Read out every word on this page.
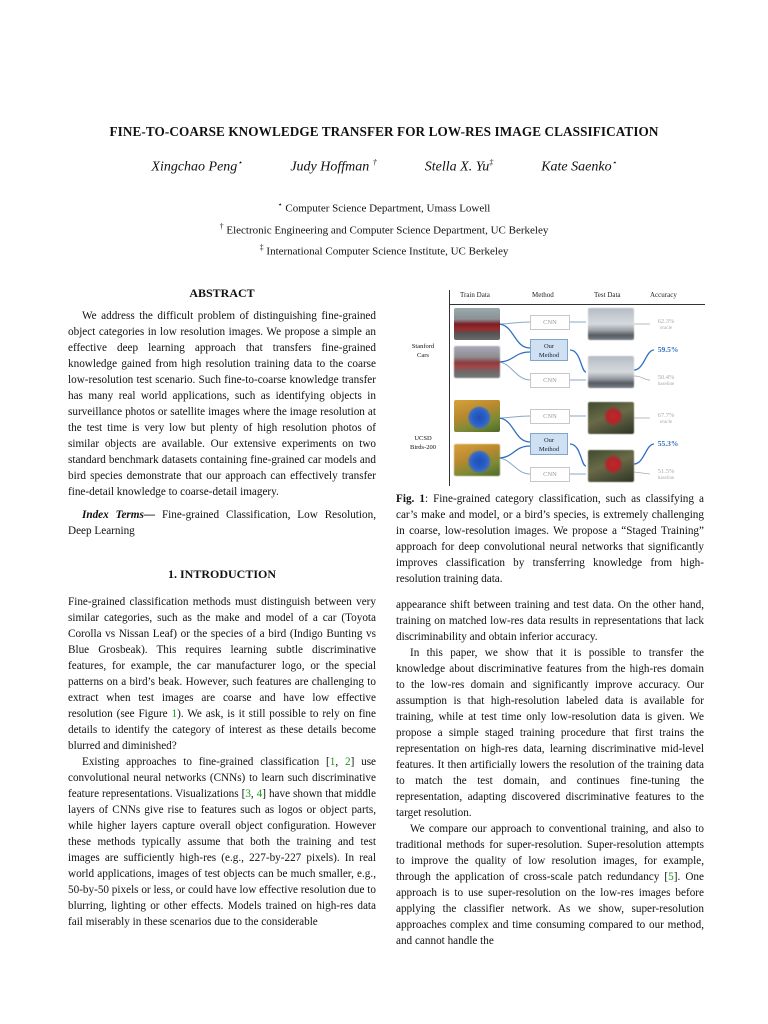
FINE-TO-COARSE KNOWLEDGE TRANSFER FOR LOW-RES IMAGE CLASSIFICATION
Xingchao Peng⋆	Judy Hoffman †	Stella X. Yu‡	Kate Saenko⋆
⋆ Computer Science Department, Umass Lowell
† Electronic Engineering and Computer Science Department, UC Berkeley
‡ International Computer Science Institute, UC Berkeley
ABSTRACT

We address the difficult problem of distinguishing fine-grained object categories in low resolution images. We propose a simple an effective deep learning approach that transfers fine-grained knowledge gained from high resolution training data to the coarse low-resolution test scenario. Such fine-to-coarse knowledge transfer has many real world applications, such as identifying objects in surveillance photos or satellite images where the image resolution at the test time is very low but plenty of high resolution photos of similar objects are available. Our extensive experiments on two standard benchmark datasets containing fine-grained car models and bird species demonstrate that our approach can effectively transfer fine-detail knowledge to coarse-detail imagery.

Index Terms— Fine-grained Classification, Low Resolution, Deep Learning

1. INTRODUCTION

Fine-grained classification methods must distinguish between very similar categories, such as the make and model of a car (Toyota Corolla vs Nissan Leaf) or the species of a bird (Indigo Bunting vs Blue Grosbeak). This requires learning subtle discriminative features, for example, the car manufacturer logo, or the special patterns on a bird’s beak. However, such features are challenging to extract when test images are coarse and have low effective resolution (see Figure 1). We ask, is it still possible to rely on fine details to identify the category of interest as these details become blurred and diminished?

Existing approaches to fine-grained classification [1, 2] use convolutional neural networks (CNNs) to learn such discriminative feature representations. Visualizations [3, 4] have shown that middle layers of CNNs give rise to features such as logos or object parts, while higher layers capture overall object configuration. However these methods typically assume that both the training and test images are sufficiently high-res (e.g., 227-by-227 pixels). In real world applications, images of test objects can be much smaller, e.g., 50-by-50 pixels or less, or could have low effective resolution due to blurring, lighting or other effects. Models trained on high-res data fail miserably in these scenarios due to the considerable

Train Data	Method	Test Data	Accuracy
Stanford
Cars
CNN
Our
Method
CNN
62.3%
oracle
59.5%
50.4%
baseline
UCSD
Birds-200
CNN
Our
Method
CNN
67.7%
oracle
55.3%
51.5%
baseline

Fig. 1: Fine-grained category classification, such as classifying a car’s make and model, or a bird’s species, is extremely challenging in coarse, low-resolution images. We propose a “Staged Training” approach for deep convolutional neural networks that significantly improves classification by transferring knowledge from high-resolution training data.

appearance shift between training and test data. On the other hand, training on matched low-res data results in representations that lack discriminability and obtain inferior accuracy.

In this paper, we show that it is possible to transfer the knowledge about discriminative features from the high-res domain to the low-res domain and significantly improve accuracy. Our assumption is that high-resolution labeled data is available for training, while at test time only low-resolution data is given. We propose a simple staged training procedure that first trains the representation on high-res data, learning discriminative mid-level features. It then artificially lowers the resolution of the training data to match the test domain, and continues fine-tuning the representation, adapting discovered discriminative features to the target resolution.

We compare our approach to conventional training, and also to traditional methods for super-resolution. Super-resolution attempts to improve the quality of low resolution images, for example, through the application of cross-scale patch redundancy [5]. One approach is to use super-resolution on the low-res images before applying the classifier network. As we show, super-resolution approaches complex and time consuming compared to our method, and cannot handle the
